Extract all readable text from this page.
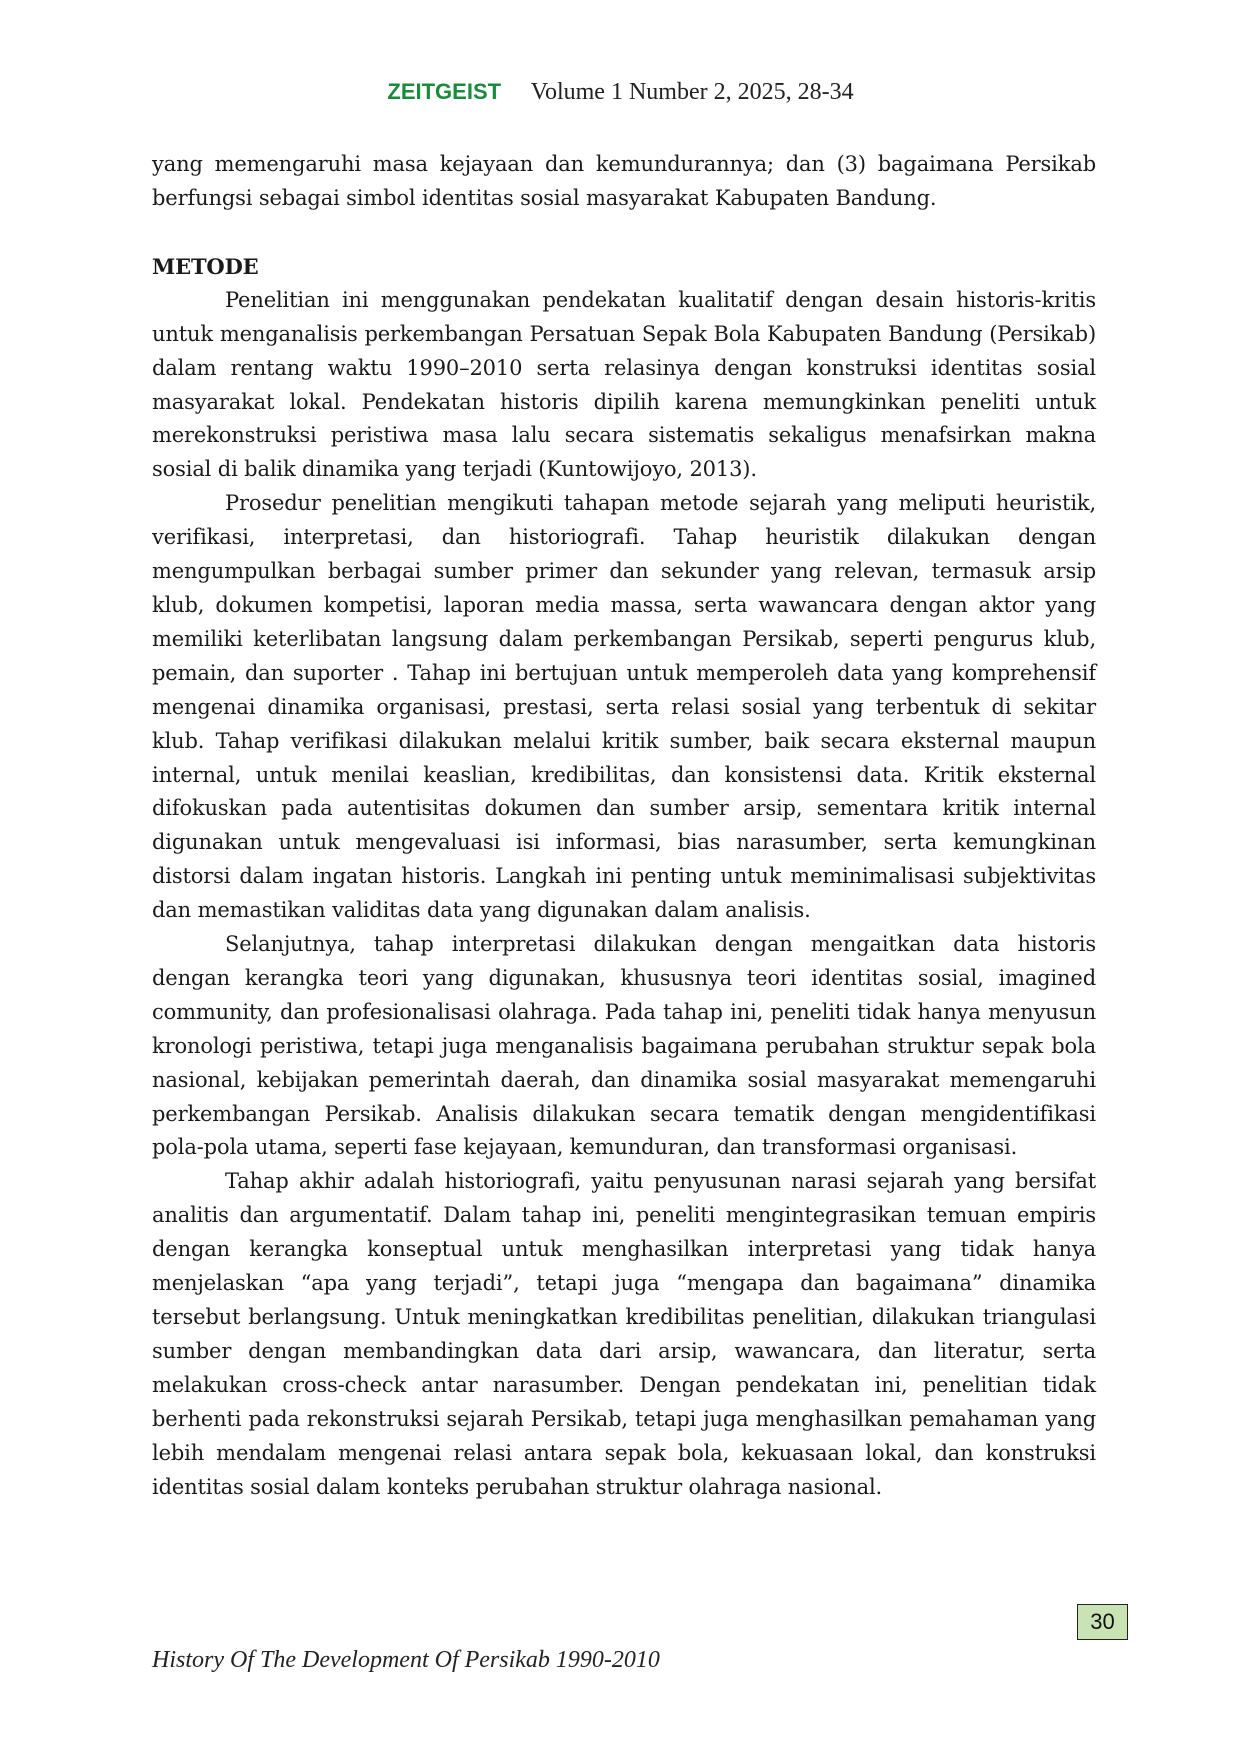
ZEITGEIST Volume 1 Number 2, 2025, 28-34

yang memengaruhi masa kejayaan dan kemundurannya; dan (3) bagaimana Persikab berfungsi sebagai simbol identitas sosial masyarakat Kabupaten Bandung.

METODE

Penelitian ini menggunakan pendekatan kualitatif dengan desain historis-kritis untuk menganalisis perkembangan Persatuan Sepak Bola Kabupaten Bandung (Persikab) dalam rentang waktu 1990–2010 serta relasinya dengan konstruksi identitas sosial masyarakat lokal. Pendekatan historis dipilih karena memungkinkan peneliti untuk merekonstruksi peristiwa masa lalu secara sistematis sekaligus menafsirkan makna sosial di balik dinamika yang terjadi (Kuntowijoyo, 2013).

Prosedur penelitian mengikuti tahapan metode sejarah yang meliputi heuristik, verifikasi, interpretasi, dan historiografi. Tahap heuristik dilakukan dengan mengumpulkan berbagai sumber primer dan sekunder yang relevan, termasuk arsip klub, dokumen kompetisi, laporan media massa, serta wawancara dengan aktor yang memiliki keterlibatan langsung dalam perkembangan Persikab, seperti pengurus klub, pemain, dan suporter . Tahap ini bertujuan untuk memperoleh data yang komprehensif mengenai dinamika organisasi, prestasi, serta relasi sosial yang terbentuk di sekitar klub. Tahap verifikasi dilakukan melalui kritik sumber, baik secara eksternal maupun internal, untuk menilai keaslian, kredibilitas, dan konsistensi data. Kritik eksternal difokuskan pada autentisitas dokumen dan sumber arsip, sementara kritik internal digunakan untuk mengevaluasi isi informasi, bias narasumber, serta kemungkinan distorsi dalam ingatan historis. Langkah ini penting untuk meminimalisasi subjektivitas dan memastikan validitas data yang digunakan dalam analisis.

Selanjutnya, tahap interpretasi dilakukan dengan mengaitkan data historis dengan kerangka teori yang digunakan, khususnya teori identitas sosial, imagined community, dan profesionalisasi olahraga. Pada tahap ini, peneliti tidak hanya menyusun kronologi peristiwa, tetapi juga menganalisis bagaimana perubahan struktur sepak bola nasional, kebijakan pemerintah daerah, dan dinamika sosial masyarakat memengaruhi perkembangan Persikab. Analisis dilakukan secara tematik dengan mengidentifikasi pola-pola utama, seperti fase kejayaan, kemunduran, dan transformasi organisasi.

Tahap akhir adalah historiografi, yaitu penyusunan narasi sejarah yang bersifat analitis dan argumentatif. Dalam tahap ini, peneliti mengintegrasikan temuan empiris dengan kerangka konseptual untuk menghasilkan interpretasi yang tidak hanya menjelaskan “apa yang terjadi”, tetapi juga “mengapa dan bagaimana” dinamika tersebut berlangsung. Untuk meningkatkan kredibilitas penelitian, dilakukan triangulasi sumber dengan membandingkan data dari arsip, wawancara, dan literatur, serta melakukan cross-check antar narasumber. Dengan pendekatan ini, penelitian tidak berhenti pada rekonstruksi sejarah Persikab, tetapi juga menghasilkan pemahaman yang lebih mendalam mengenai relasi antara sepak bola, kekuasaan lokal, dan konstruksi identitas sosial dalam konteks perubahan struktur olahraga nasional.

30
History Of The Development Of Persikab 1990-2010
